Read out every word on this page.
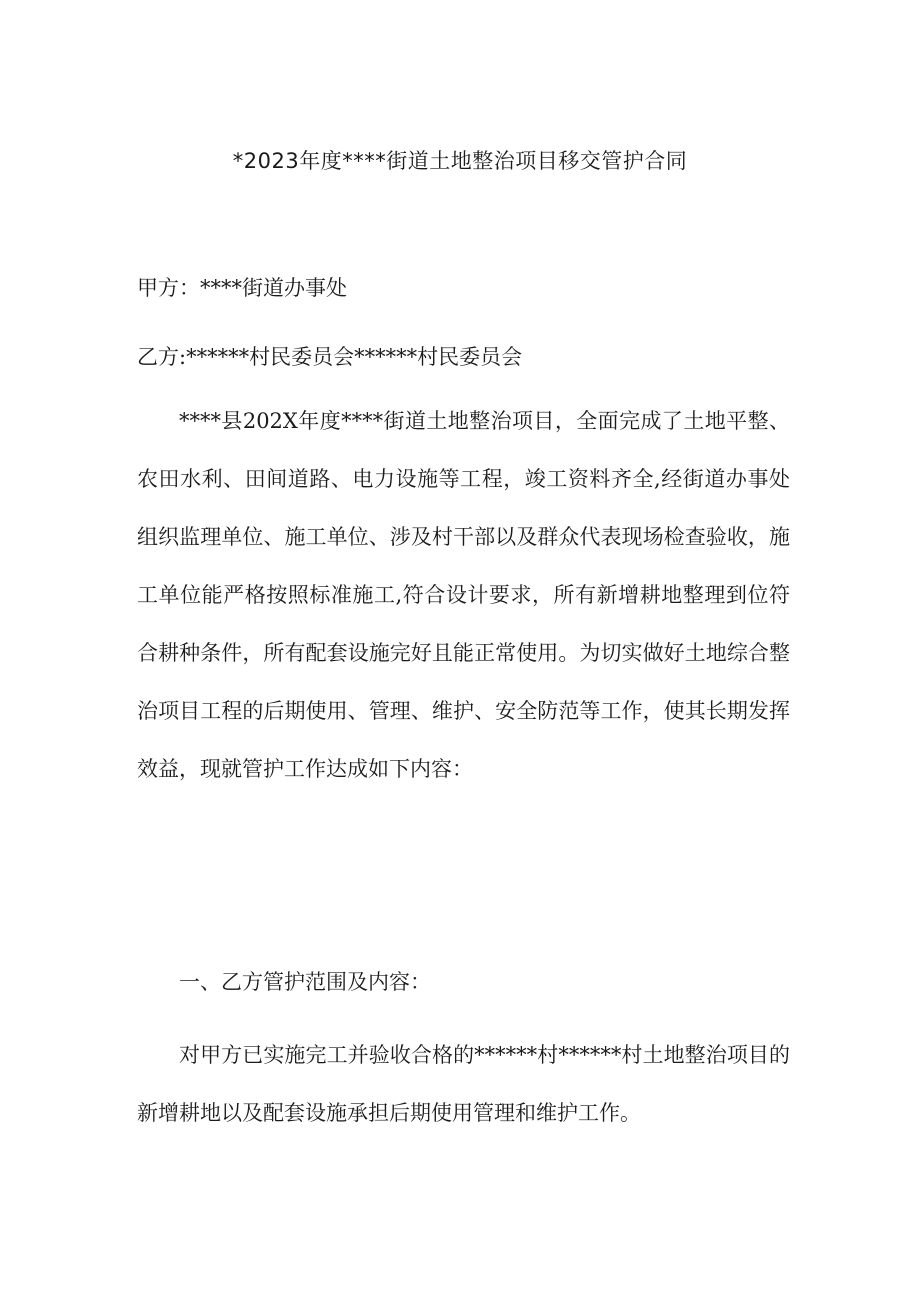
*2023年度****街道土地整治项目移交管护合同

甲方：****街道办事处

乙方:******村民委员会******村民委员会

****县202X年度****街道土地整治项目，全面完成了土地平整、农田水利、田间道路、电力设施等工程，竣工资料齐全,经街道办事处组织监理单位、施工单位、涉及村干部以及群众代表现场检查验收，施工单位能严格按照标准施工,符合设计要求，所有新增耕地整理到位符合耕种条件，所有配套设施完好且能正常使用。为切实做好土地综合整治项目工程的后期使用、管理、维护、安全防范等工作，使其长期发挥效益，现就管护工作达成如下内容：

一、乙方管护范围及内容：

对甲方已实施完工并验收合格的******村******村土地整治项目的新增耕地以及配套设施承担后期使用管理和维护工作。
